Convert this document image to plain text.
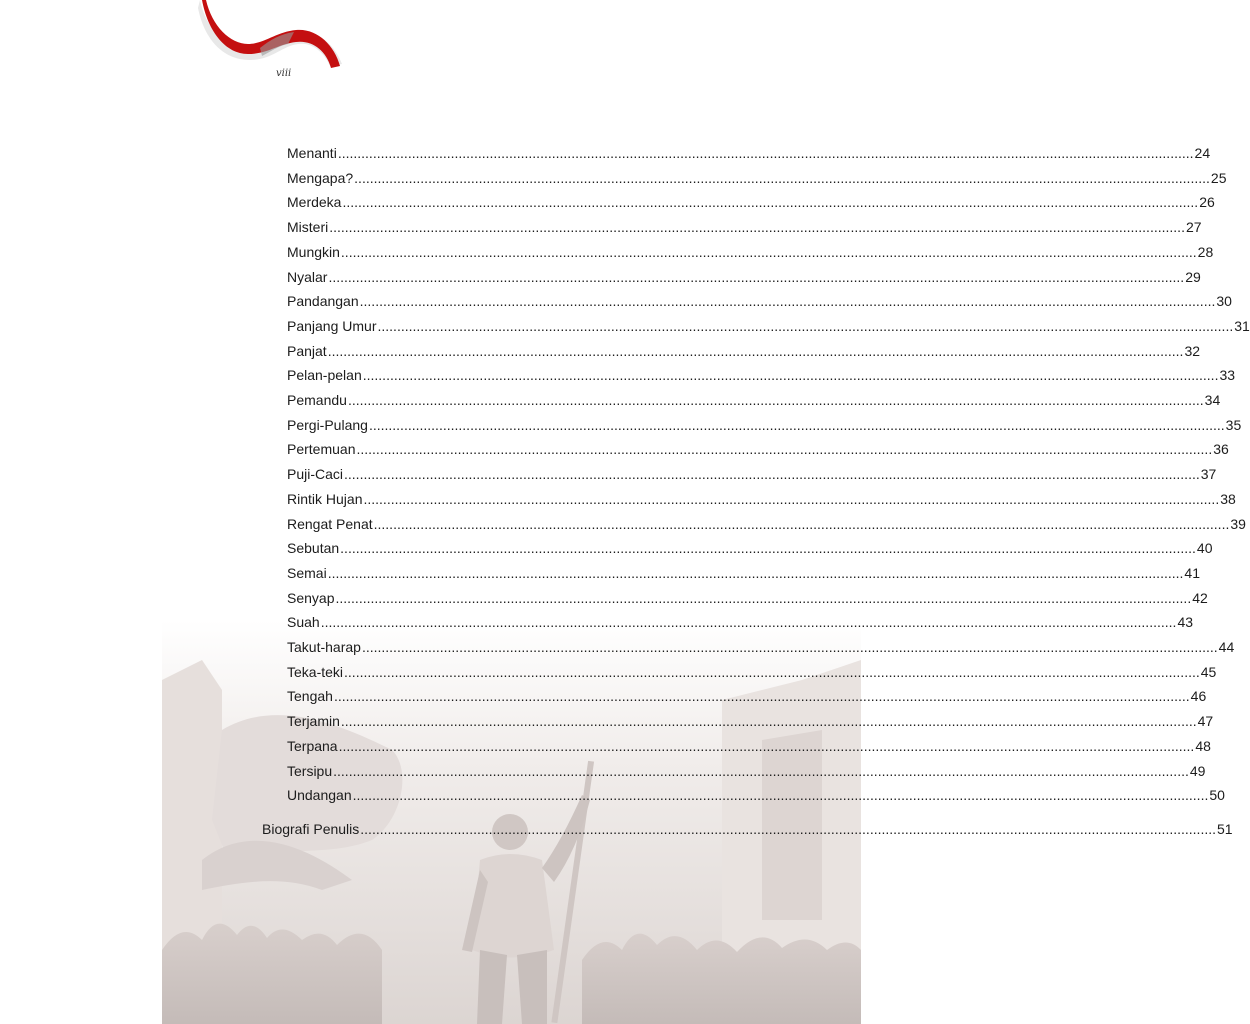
viii
Menanti ............................................................................................................................................................................................................................ 24
Mengapa? ............................................................................................................................................................................................................................ 25
Merdeka ............................................................................................................................................................................................................................ 26
Misteri ............................................................................................................................................................................................................................ 27
Mungkin ............................................................................................................................................................................................................................ 28
Nyalar ............................................................................................................................................................................................................................ 29
Pandangan ............................................................................................................................................................................................................................ 30
Panjang Umur ............................................................................................................................................................................................................................ 31
Panjat ............................................................................................................................................................................................................................ 32
Pelan-pelan ............................................................................................................................................................................................................................ 33
Pemandu ............................................................................................................................................................................................................................ 34
Pergi-Pulang ............................................................................................................................................................................................................................ 35
Pertemuan ............................................................................................................................................................................................................................ 36
Puji-Caci ............................................................................................................................................................................................................................ 37
Rintik Hujan ............................................................................................................................................................................................................................ 38
Rengat Penat ............................................................................................................................................................................................................................ 39
Sebutan ............................................................................................................................................................................................................................ 40
Semai ............................................................................................................................................................................................................................ 41
Senyap ............................................................................................................................................................................................................................ 42
Suah ............................................................................................................................................................................................................................ 43
Takut-harap ............................................................................................................................................................................................................................ 44
Teka-teki ............................................................................................................................................................................................................................ 45
Tengah ............................................................................................................................................................................................................................ 46
Terjamin ............................................................................................................................................................................................................................ 47
Terpana ............................................................................................................................................................................................................................ 48
Tersipu ............................................................................................................................................................................................................................ 49
Undangan ............................................................................................................................................................................................................................ 50
Biografi Penulis ............................................................................................................................................................................................................................ 51
